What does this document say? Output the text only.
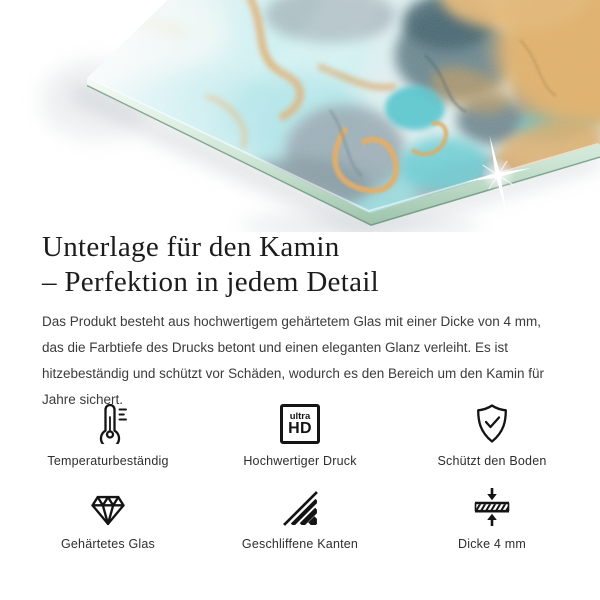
Unterlage für den Kamin
– Perfektion in jedem Detail

Das Produkt besteht aus hochwertigem gehärtetem Glas mit einer Dicke von 4 mm, das die Farbtiefe des Drucks betont und einen eleganten Glanz verleiht. Es ist hitzebeständig und schützt vor Schäden, wodurch es den Bereich um den Kamin für Jahre sichert.

Temperaturbeständig
ultra
HD
Hochwertiger Druck	Schützt den Boden
Gehärtetes Glas	Geschliffene Kanten	Dicke 4 mm
